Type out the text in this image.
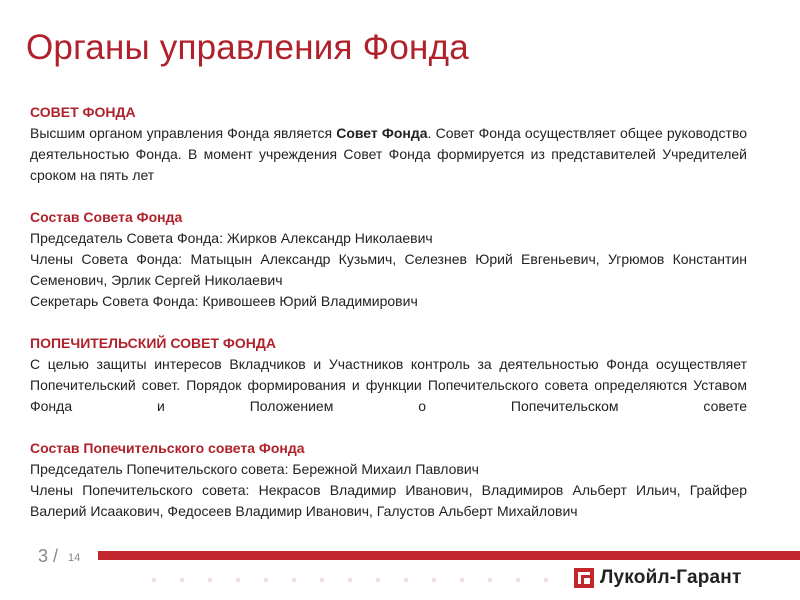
Органы управления Фонда
СОВЕТ ФОНДА
Высшим органом управления Фонда является Совет Фонда. Совет Фонда осуществляет общее руководство деятельностью Фонда. В момент учреждения Совет Фонда формируется из представителей Учредителей сроком на пять лет
Состав Совета Фонда
Председатель Совета Фонда: Жирков Александр Николаевич
Члены Совета Фонда: Матыцын Александр Кузьмич, Селезнев Юрий Евгеньевич, Угрюмов Константин Семенович, Эрлик Сергей Николаевич
Секретарь Совета Фонда: Кривошеев Юрий Владимирович
ПОПЕЧИТЕЛЬСКИЙ СОВЕТ ФОНДА
С целью защиты интересов Вкладчиков и Участников контроль за деятельностью Фонда осуществляет Попечительский совет. Порядок формирования и функции Попечительского совета определяются Уставом Фонда и Положением о Попечительском совете
Состав Попечительского совета Фонда
Председатель Попечительского совета: Бережной Михаил Павлович
Члены Попечительского совета: Некрасов Владимир Иванович, Владимиров Альберт Ильич, Грайфер Валерий Исаакович, Федосеев Владимир Иванович, Галустов Альберт Михайлович
3 / 14
Лукойл-Гарант
